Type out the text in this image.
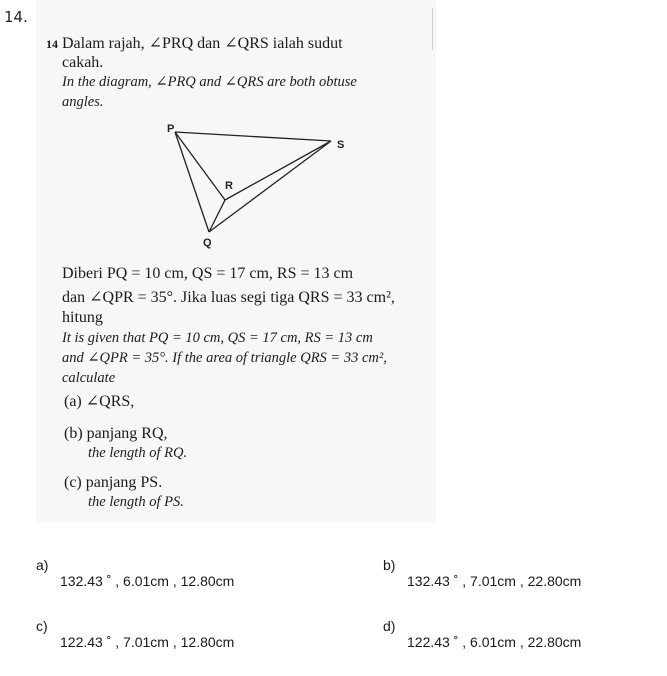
14.
14 Dalam rajah, ∠PRQ dan ∠QRS ialah sudut
cakah.
In the diagram, ∠PRQ and ∠QRS are both obtuse
angles.
P
S
R
Q
Diberi PQ = 10 cm, QS = 17 cm, RS = 13 cm
dan ∠QPR = 35°. Jika luas segi tiga QRS = 33 cm²,
hitung
It is given that PQ = 10 cm, QS = 17 cm, RS = 13 cm
and ∠QPR = 35°. If the area of triangle QRS = 33 cm²,
calculate
(a) ∠QRS,
(b) panjang RQ,
the length of RQ.
(c) panjang PS.
the length of PS.
a)
132.43 ˚ , 6.01cm , 12.80cm
b)
132.43 ˚ , 7.01cm , 22.80cm
c)
122.43 ˚ , 7.01cm , 12.80cm
d)
122.43 ˚ , 6.01cm , 22.80cm
